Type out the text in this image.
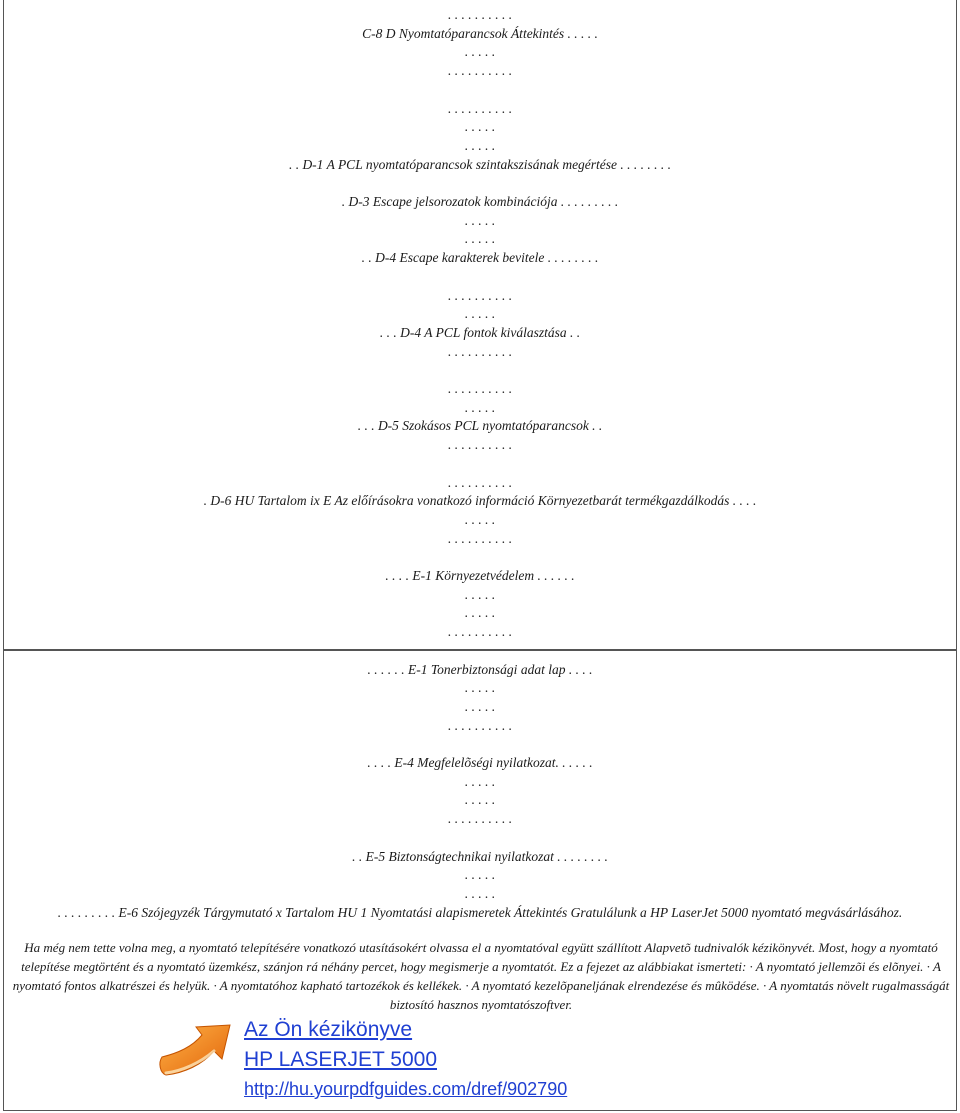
. . . . . . . . . .
C-8 D Nyomtatóparancsok Áttekintés . . . . .
. . . . .
. . . . . . . . . .
. . . . . . . . . .
. . . . .
. . . . .
. . D-1 A PCL nyomtatóparancsok szintakszisának megértése . . . . . . . .
. D-3 Escape jelsorozatok kombinációja . . . . . . . . .
. . . . .
. . . . .
. . D-4 Escape karakterek bevitele . . . . . . . .
. . . . . . . . . .
. . . . .
. . . D-4 A PCL fontok kiválasztása . .
. . . . . . . . . .
. . . . . . . . . .
. . . . .
. . . D-5 Szokásos PCL nyomtatóparancsok . .
. . . . . . . . . .
. . . . . . . . . .
. D-6 HU Tartalom ix E Az előírásokra vonatkozó információ Környezetbarát termékgazdálkodás . . . .
. . . . .
. . . . . . . . . .
. . . . E-1 Környezetvédelem . . . . . .
. . . . .
. . . . .
. . . . . . . . . .
. . . . . . E-1 Tonerbiztonsági adat lap . . . .
. . . . .
. . . . .
. . . . . . . . . .
. . . . E-4 Megfelelõségi nyilatkozat. . . . . .
. . . . .
. . . . .
. . . . . . . . . .
. . E-5 Biztonságtechnikai nyilatkozat . . . . . . . .
. . . . .
. . . . .
. . . . . . . . . E-6 Szójegyzék Tárgymutató x Tartalom HU 1 Nyomtatási alapismeretek Áttekintés Gratulálunk a HP LaserJet 5000 nyomtató megvásárlásához.
Ha még nem tette volna meg, a nyomtató telepítésére vonatkozó utasításokért olvassa el a nyomtatóval együtt szállított Alapvetõ tudnivalók kézikönyvét. Most, hogy a nyomtató telepítése megtörtént és a nyomtató üzemkész, szánjon rá néhány percet, hogy megismerje a nyomtatót. Ez a fejezet az alábbiakat ismerteti: · A nyomtató jellemzõi és elõnyei. · A nyomtató fontos alkatrészei és helyük. · A nyomtatóhoz kapható tartozékok és kellékek. · A nyomtató kezelõpaneljának elrendezése és mûködése. · A nyomtatás növelt rugalmasságát biztosító hasznos nyomtatószoftver.
Az Ön kézikönyve
HP LASERJET 5000
http://hu.yourpdfguides.com/dref/902790
